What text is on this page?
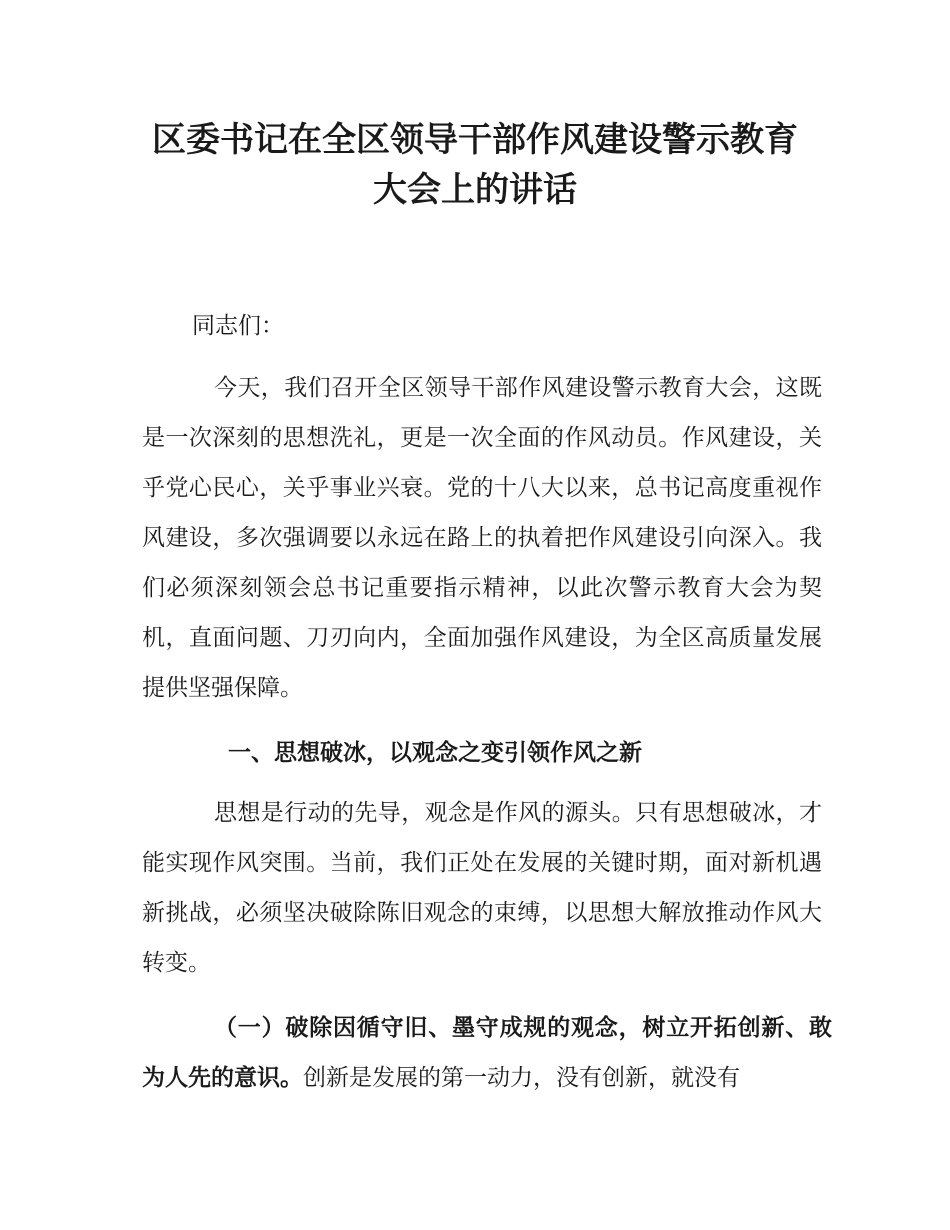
区委书记在全区领导干部作风建设警示教育
大会上的讲话

同志们：

今天，我们召开全区领导干部作风建设警示教育大会，这既是一次深刻的思想洗礼，更是一次全面的作风动员。作风建设，关乎党心民心，关乎事业兴衰。党的十八大以来，总书记高度重视作风建设，多次强调要以永远在路上的执着把作风建设引向深入。我们必须深刻领会总书记重要指示精神，以此次警示教育大会为契机，直面问题、刀刃向内，全面加强作风建设，为全区高质量发展提供坚强保障。

一、思想破冰，以观念之变引领作风之新

思想是行动的先导，观念是作风的源头。只有思想破冰，才能实现作风突围。当前，我们正处在发展的关键时期，面对新机遇新挑战，必须坚决破除陈旧观念的束缚，以思想大解放推动作风大转变。

（一）破除因循守旧、墨守成规的观念，树立开拓创新、敢为人先的意识。创新是发展的第一动力，没有创新，就没有
